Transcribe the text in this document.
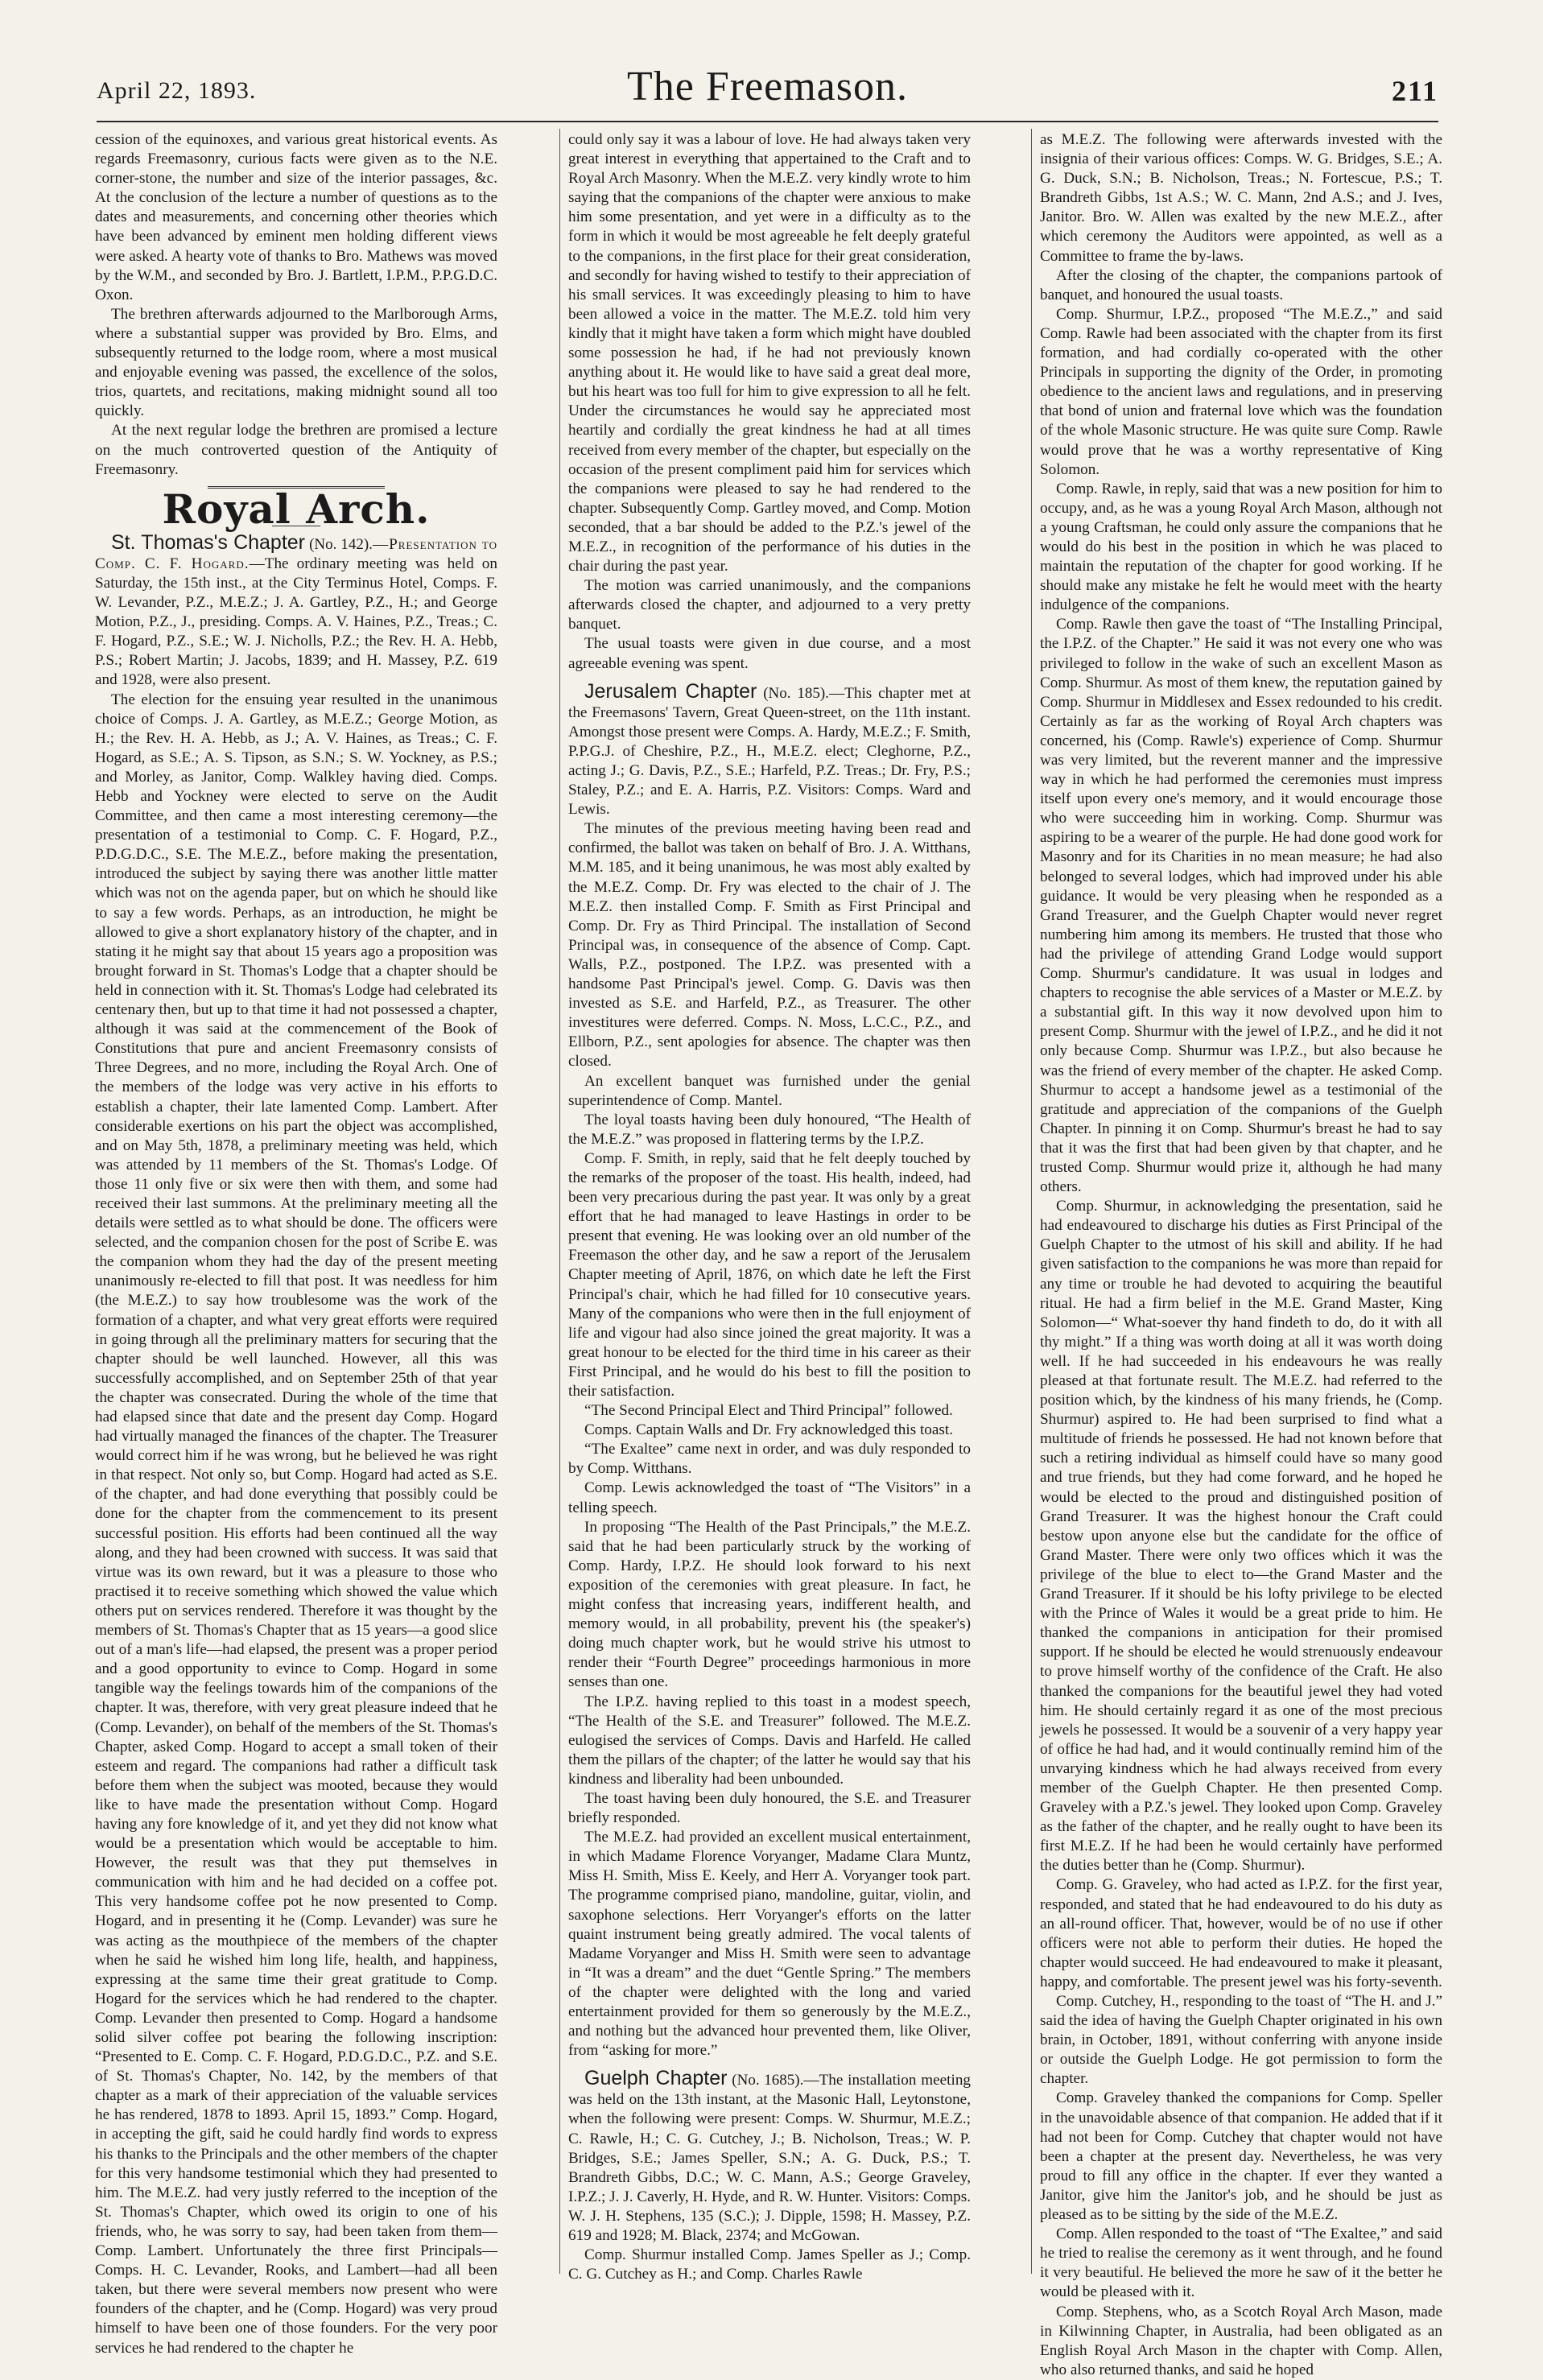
April 22, 1893.	The Freemason.	211

cession of the equinoxes, and various great historical events. As regards Freemasonry, curious facts were given as to the N.E. corner-stone, the number and size of the interior passages, &c. At the conclusion of the lecture a number of questions as to the dates and measurements, and concerning other theories which have been advanced by eminent men holding different views were asked. A hearty vote of thanks to Bro. Mathews was moved by the W.M., and seconded by Bro. J. Bartlett, I.P.M., P.P.G.D.C. Oxon.

The brethren afterwards adjourned to the Marlborough Arms, where a substantial supper was provided by Bro. Elms, and subsequently returned to the lodge room, where a most musical and enjoyable evening was passed, the excellence of the solos, trios, quartets, and recitations, making midnight sound all too quickly.

At the next regular lodge the brethren are promised a lecture on the much controverted question of the Antiquity of Freemasonry.

Royal Arch.

St. Thomas's Chapter (No. 142).—Presentation to Comp. C. F. Hogard.—The ordinary meeting was held on Saturday, the 15th inst., at the City Terminus Hotel, Comps. F. W. Levander, P.Z., M.E.Z.; J. A. Gartley, P.Z., H.; and George Motion, P.Z., J., presiding. Comps. A. V. Haines, P.Z., Treas.; C. F. Hogard, P.Z., S.E.; W. J. Nicholls, P.Z.; the Rev. H. A. Hebb, P.S.; Robert Martin; J. Jacobs, 1839; and H. Massey, P.Z. 619 and 1928, were also present.

The election for the ensuing year resulted in the unanimous choice of Comps. J. A. Gartley, as M.E.Z.; George Motion, as H.; the Rev. H. A. Hebb, as J.; A. V. Haines, as Treas.; C. F. Hogard, as S.E.; A. S. Tipson, as S.N.; S. W. Yockney, as P.S.; and Morley, as Janitor, Comp. Walkley having died. Comps. Hebb and Yockney were elected to serve on the Audit Committee, and then came a most interesting ceremony—the presentation of a testimonial to Comp. C. F. Hogard, P.Z., P.D.G.D.C., S.E. The M.E.Z., before making the presentation, introduced the subject by saying there was another little matter which was not on the agenda paper, but on which he should like to say a few words. Perhaps, as an introduction, he might be allowed to give a short explanatory history of the chapter, and in stating it he might say that about 15 years ago a proposition was brought forward in St. Thomas's Lodge that a chapter should be held in connection with it. St. Thomas's Lodge had celebrated its centenary then, but up to that time it had not possessed a chapter, although it was said at the commencement of the Book of Constitutions that pure and ancient Freemasonry consists of Three Degrees, and no more, including the Royal Arch. One of the members of the lodge was very active in his efforts to establish a chapter, their late lamented Comp. Lambert. After considerable exertions on his part the object was accomplished, and on May 5th, 1878, a preliminary meeting was held, which was attended by 11 members of the St. Thomas's Lodge. Of those 11 only five or six were then with them, and some had received their last summons. At the preliminary meeting all the details were settled as to what should be done. The officers were selected, and the companion chosen for the post of Scribe E. was the companion whom they had the day of the present meeting unanimously re-elected to fill that post. It was needless for him (the M.E.Z.) to say how troublesome was the work of the formation of a chapter, and what very great efforts were required in going through all the preliminary matters for securing that the chapter should be well launched. However, all this was successfully accomplished, and on September 25th of that year the chapter was consecrated. During the whole of the time that had elapsed since that date and the present day Comp. Hogard had virtually managed the finances of the chapter. The Treasurer would correct him if he was wrong, but he believed he was right in that respect. Not only so, but Comp. Hogard had acted as S.E. of the chapter, and had done everything that possibly could be done for the chapter from the commencement to its present successful position. His efforts had been continued all the way along, and they had been crowned with success. It was said that virtue was its own reward, but it was a pleasure to those who practised it to receive something which showed the value which others put on services rendered. Therefore it was thought by the members of St. Thomas's Chapter that as 15 years—a good slice out of a man's life—had elapsed, the present was a proper period and a good opportunity to evince to Comp. Hogard in some tangible way the feelings towards him of the companions of the chapter. It was, therefore, with very great pleasure indeed that he (Comp. Levander), on behalf of the members of the St. Thomas's Chapter, asked Comp. Hogard to accept a small token of their esteem and regard. The companions had rather a difficult task before them when the subject was mooted, because they would like to have made the presentation without Comp. Hogard having any fore knowledge of it, and yet they did not know what would be a presentation which would be acceptable to him. However, the result was that they put themselves in communication with him and he had decided on a coffee pot. This very handsome coffee pot he now presented to Comp. Hogard, and in presenting it he (Comp. Levander) was sure he was acting as the mouthpiece of the members of the chapter when he said he wished him long life, health, and happiness, expressing at the same time their great gratitude to Comp. Hogard for the services which he had rendered to the chapter. Comp. Levander then presented to Comp. Hogard a handsome solid silver coffee pot bearing the following inscription: “Presented to E. Comp. C. F. Hogard, P.D.G.D.C., P.Z. and S.E. of St. Thomas's Chapter, No. 142, by the members of that chapter as a mark of their appreciation of the valuable services he has rendered, 1878 to 1893. April 15, 1893.” Comp. Hogard, in accepting the gift, said he could hardly find words to express his thanks to the Principals and the other members of the chapter for this very handsome testimonial which they had presented to him. The M.E.Z. had very justly referred to the inception of the St. Thomas's Chapter, which owed its origin to one of his friends, who, he was sorry to say, had been taken from them—Comp. Lambert. Unfortunately the three first Principals—Comps. H. C. Levander, Rooks, and Lambert—had all been taken, but there were several members now present who were founders of the chapter, and he (Comp. Hogard) was very proud himself to have been one of those founders. For the very poor services he had rendered to the chapter he

could only say it was a labour of love. He had always taken very great interest in everything that appertained to the Craft and to Royal Arch Masonry. When the M.E.Z. very kindly wrote to him saying that the companions of the chapter were anxious to make him some presentation, and yet were in a difficulty as to the form in which it would be most agreeable he felt deeply grateful to the companions, in the first place for their great consideration, and secondly for having wished to testify to their appreciation of his small services. It was exceedingly pleasing to him to have been allowed a voice in the matter. The M.E.Z. told him very kindly that it might have taken a form which might have doubled some possession he had, if he had not previously known anything about it. He would like to have said a great deal more, but his heart was too full for him to give expression to all he felt. Under the circumstances he would say he appreciated most heartily and cordially the great kindness he had at all times received from every member of the chapter, but especially on the occasion of the present compliment paid him for services which the companions were pleased to say he had rendered to the chapter. Subsequently Comp. Gartley moved, and Comp. Motion seconded, that a bar should be added to the P.Z.'s jewel of the M.E.Z., in recognition of the performance of his duties in the chair during the past year.

The motion was carried unanimously, and the companions afterwards closed the chapter, and adjourned to a very pretty banquet.

The usual toasts were given in due course, and a most agreeable evening was spent.

Jerusalem Chapter (No. 185).—This chapter met at the Freemasons' Tavern, Great Queen-street, on the 11th instant. Amongst those present were Comps. A. Hardy, M.E.Z.; F. Smith, P.P.G.J. of Cheshire, P.Z., H., M.E.Z. elect; Cleghorne, P.Z., acting J.; G. Davis, P.Z., S.E.; Harfeld, P.Z. Treas.; Dr. Fry, P.S.; Staley, P.Z.; and E. A. Harris, P.Z. Visitors: Comps. Ward and Lewis.

The minutes of the previous meeting having been read and confirmed, the ballot was taken on behalf of Bro. J. A. Witthans, M.M. 185, and it being unanimous, he was most ably exalted by the M.E.Z. Comp. Dr. Fry was elected to the chair of J. The M.E.Z. then installed Comp. F. Smith as First Principal and Comp. Dr. Fry as Third Principal. The installation of Second Principal was, in consequence of the absence of Comp. Capt. Walls, P.Z., postponed. The I.P.Z. was presented with a handsome Past Principal's jewel. Comp. G. Davis was then invested as S.E. and Harfeld, P.Z., as Treasurer. The other investitures were deferred. Comps. N. Moss, L.C.C., P.Z., and Ellborn, P.Z., sent apologies for absence. The chapter was then closed.

An excellent banquet was furnished under the genial superintendence of Comp. Mantel.

The loyal toasts having been duly honoured, “The Health of the M.E.Z.” was proposed in flattering terms by the I.P.Z.

Comp. F. Smith, in reply, said that he felt deeply touched by the remarks of the proposer of the toast. His health, indeed, had been very precarious during the past year. It was only by a great effort that he had managed to leave Hastings in order to be present that evening. He was looking over an old number of the Freemason the other day, and he saw a report of the Jerusalem Chapter meeting of April, 1876, on which date he left the First Principal's chair, which he had filled for 10 consecutive years. Many of the companions who were then in the full enjoyment of life and vigour had also since joined the great majority. It was a great honour to be elected for the third time in his career as their First Principal, and he would do his best to fill the position to their satisfaction.

“The Second Principal Elect and Third Principal” followed.

Comps. Captain Walls and Dr. Fry acknowledged this toast.

“The Exaltee” came next in order, and was duly responded to by Comp. Witthans.

Comp. Lewis acknowledged the toast of “The Visitors” in a telling speech.

In proposing “The Health of the Past Principals,” the M.E.Z. said that he had been particularly struck by the working of Comp. Hardy, I.P.Z. He should look forward to his next exposition of the ceremonies with great pleasure. In fact, he might confess that increasing years, indifferent health, and memory would, in all probability, prevent his (the speaker's) doing much chapter work, but he would strive his utmost to render their “Fourth Degree” proceedings harmonious in more senses than one.

The I.P.Z. having replied to this toast in a modest speech, “The Health of the S.E. and Treasurer” followed. The M.E.Z. eulogised the services of Comps. Davis and Harfeld. He called them the pillars of the chapter; of the latter he would say that his kindness and liberality had been unbounded.

The toast having been duly honoured, the S.E. and Treasurer briefly responded.

The M.E.Z. had provided an excellent musical entertainment, in which Madame Florence Voryanger, Madame Clara Muntz, Miss H. Smith, Miss E. Keely, and Herr A. Voryanger took part. The programme comprised piano, mandoline, guitar, violin, and saxophone selections. Herr Voryanger's efforts on the latter quaint instrument being greatly admired. The vocal talents of Madame Voryanger and Miss H. Smith were seen to advantage in “It was a dream” and the duet “Gentle Spring.” The members of the chapter were delighted with the long and varied entertainment provided for them so generously by the M.E.Z., and nothing but the advanced hour prevented them, like Oliver, from “asking for more.”

Guelph Chapter (No. 1685).—The installation meeting was held on the 13th instant, at the Masonic Hall, Leytonstone, when the following were present: Comps. W. Shurmur, M.E.Z.; C. Rawle, H.; C. G. Cutchey, J.; B. Nicholson, Treas.; W. P. Bridges, S.E.; James Speller, S.N.; A. G. Duck, P.S.; T. Brandreth Gibbs, D.C.; W. C. Mann, A.S.; George Graveley, I.P.Z.; J. J. Caverly, H. Hyde, and R. W. Hunter. Visitors: Comps. W. J. H. Stephens, 135 (S.C.); J. Dipple, 1598; H. Massey, P.Z. 619 and 1928; M. Black, 2374; and McGowan.

Comp. Shurmur installed Comp. James Speller as J.; Comp. C. G. Cutchey as H.; and Comp. Charles Rawle

as M.E.Z. The following were afterwards invested with the insignia of their various offices: Comps. W. G. Bridges, S.E.; A. G. Duck, S.N.; B. Nicholson, Treas.; N. Fortescue, P.S.; T. Brandreth Gibbs, 1st A.S.; W. C. Mann, 2nd A.S.; and J. Ives, Janitor. Bro. W. Allen was exalted by the new M.E.Z., after which ceremony the Auditors were appointed, as well as a Committee to frame the by-laws.

After the closing of the chapter, the companions partook of banquet, and honoured the usual toasts.

Comp. Shurmur, I.P.Z., proposed “The M.E.Z.,” and said Comp. Rawle had been associated with the chapter from its first formation, and had cordially co-operated with the other Principals in supporting the dignity of the Order, in promoting obedience to the ancient laws and regulations, and in preserving that bond of union and fraternal love which was the foundation of the whole Masonic structure. He was quite sure Comp. Rawle would prove that he was a worthy representative of King Solomon.

Comp. Rawle, in reply, said that was a new position for him to occupy, and, as he was a young Royal Arch Mason, although not a young Craftsman, he could only assure the companions that he would do his best in the position in which he was placed to maintain the reputation of the chapter for good working. If he should make any mistake he felt he would meet with the hearty indulgence of the companions.

Comp. Rawle then gave the toast of “The Installing Principal, the I.P.Z. of the Chapter.” He said it was not every one who was privileged to follow in the wake of such an excellent Mason as Comp. Shurmur. As most of them knew, the reputation gained by Comp. Shurmur in Middlesex and Essex redounded to his credit. Certainly as far as the working of Royal Arch chapters was concerned, his (Comp. Rawle's) experience of Comp. Shurmur was very limited, but the reverent manner and the impressive way in which he had performed the ceremonies must impress itself upon every one's memory, and it would encourage those who were succeeding him in working. Comp. Shurmur was aspiring to be a wearer of the purple. He had done good work for Masonry and for its Charities in no mean measure; he had also belonged to several lodges, which had improved under his able guidance. It would be very pleasing when he responded as a Grand Treasurer, and the Guelph Chapter would never regret numbering him among its members. He trusted that those who had the privilege of attending Grand Lodge would support Comp. Shurmur's candidature. It was usual in lodges and chapters to recognise the able services of a Master or M.E.Z. by a substantial gift. In this way it now devolved upon him to present Comp. Shurmur with the jewel of I.P.Z., and he did it not only because Comp. Shurmur was I.P.Z., but also because he was the friend of every member of the chapter. He asked Comp. Shurmur to accept a handsome jewel as a testimonial of the gratitude and appreciation of the companions of the Guelph Chapter. In pinning it on Comp. Shurmur's breast he had to say that it was the first that had been given by that chapter, and he trusted Comp. Shurmur would prize it, although he had many others.

Comp. Shurmur, in acknowledging the presentation, said he had endeavoured to discharge his duties as First Principal of the Guelph Chapter to the utmost of his skill and ability. If he had given satisfaction to the companions he was more than repaid for any time or trouble he had devoted to acquiring the beautiful ritual. He had a firm belief in the M.E. Grand Master, King Solomon—“ What-soever thy hand findeth to do, do it with all thy might.” If a thing was worth doing at all it was worth doing well. If he had succeeded in his endeavours he was really pleased at that fortunate result. The M.E.Z. had referred to the position which, by the kindness of his many friends, he (Comp. Shurmur) aspired to. He had been surprised to find what a multitude of friends he possessed. He had not known before that such a retiring individual as himself could have so many good and true friends, but they had come forward, and he hoped he would be elected to the proud and distinguished position of Grand Treasurer. It was the highest honour the Craft could bestow upon anyone else but the candidate for the office of Grand Master. There were only two offices which it was the privilege of the blue to elect to—the Grand Master and the Grand Treasurer. If it should be his lofty privilege to be elected with the Prince of Wales it would be a great pride to him. He thanked the companions in anticipation for their promised support. If he should be elected he would strenuously endeavour to prove himself worthy of the confidence of the Craft. He also thanked the companions for the beautiful jewel they had voted him. He should certainly regard it as one of the most precious jewels he possessed. It would be a souvenir of a very happy year of office he had had, and it would continually remind him of the unvarying kindness which he had always received from every member of the Guelph Chapter. He then presented Comp. Graveley with a P.Z.'s jewel. They looked upon Comp. Graveley as the father of the chapter, and he really ought to have been its first M.E.Z. If he had been he would certainly have performed the duties better than he (Comp. Shurmur).

Comp. G. Graveley, who had acted as I.P.Z. for the first year, responded, and stated that he had endeavoured to do his duty as an all-round officer. That, however, would be of no use if other officers were not able to perform their duties. He hoped the chapter would succeed. He had endeavoured to make it pleasant, happy, and comfortable. The present jewel was his forty-seventh.

Comp. Cutchey, H., responding to the toast of “The H. and J.” said the idea of having the Guelph Chapter originated in his own brain, in October, 1891, without conferring with anyone inside or outside the Guelph Lodge. He got permission to form the chapter.

Comp. Graveley thanked the companions for Comp. Speller in the unavoidable absence of that companion. He added that if it had not been for Comp. Cutchey that chapter would not have been a chapter at the present day. Nevertheless, he was very proud to fill any office in the chapter. If ever they wanted a Janitor, give him the Janitor's job, and he should be just as pleased as to be sitting by the side of the M.E.Z.

Comp. Allen responded to the toast of “The Exaltee,” and said he tried to realise the ceremony as it went through, and he found it very beautiful. He believed the more he saw of it the better he would be pleased with it.

Comp. Stephens, who, as a Scotch Royal Arch Mason, made in Kilwinning Chapter, in Australia, had been obligated as an English Royal Arch Mason in the chapter with Comp. Allen, who also returned thanks, and said he hoped
